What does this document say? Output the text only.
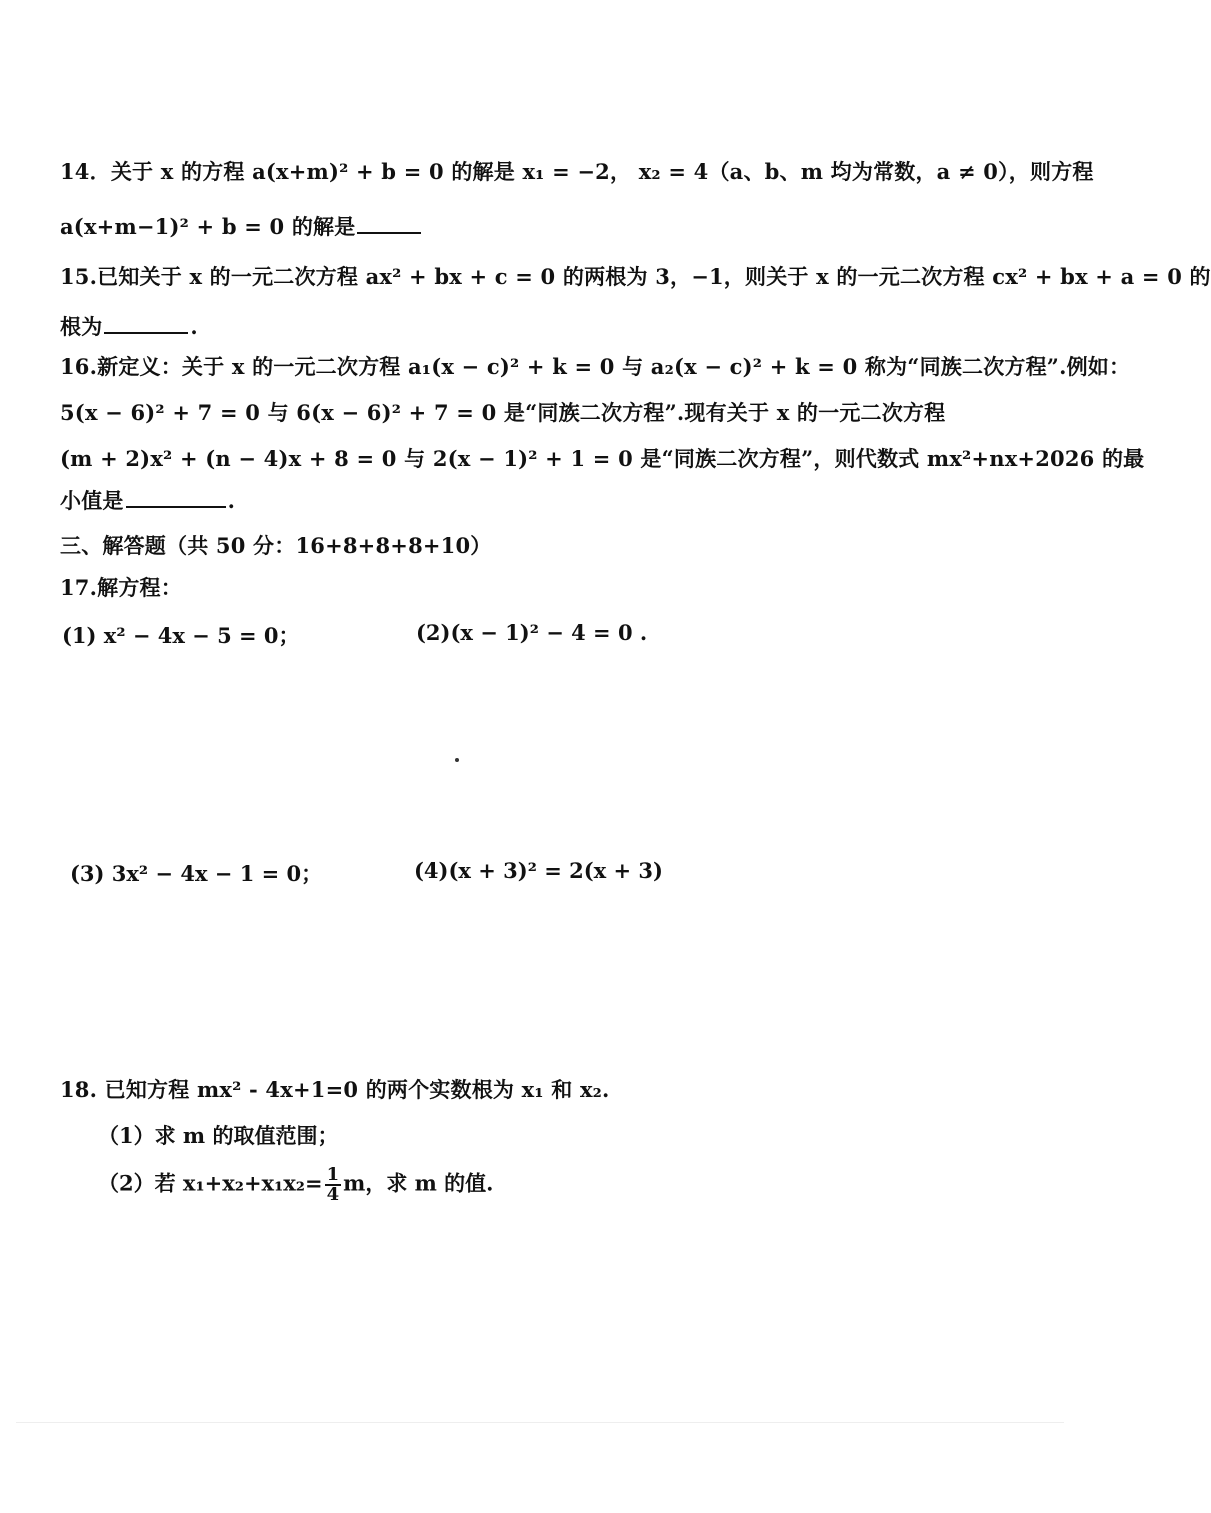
14．关于 x 的方程 a(x+m)² + b = 0 的解是 x₁ = −2， x₂ = 4（a、b、m 均为常数，a ≠ 0），则方程
a(x+m−1)² + b = 0 的解是
15.已知关于 x 的一元二次方程 ax² + bx + c = 0 的两根为 3，−1，则关于 x 的一元二次方程 cx² + bx + a = 0 的
根为	.
16.新定义：关于 x 的一元二次方程 a₁(x − c)² + k = 0 与 a₂(x − c)² + k = 0 称为“同族二次方程”.例如：
5(x − 6)² + 7 = 0 与 6(x − 6)² + 7 = 0 是“同族二次方程”.现有关于 x 的一元二次方程
(m + 2)x² + (n − 4)x + 8 = 0 与 2(x − 1)² + 1 = 0 是“同族二次方程”，则代数式 mx²+nx+2026 的最
小值是	.
三、解答题（共 50 分：16+8+8+8+10）
17.解方程：
(1) x² − 4x − 5 = 0；	(2)(x − 1)² − 4 = 0 .
(3) 3x² − 4x − 1 = 0；	(4)(x + 3)² = 2(x + 3)
18. 已知方程 mx² - 4x+1=0 的两个实数根为 x₁ 和 x₂.
（1）求 m 的取值范围；
（2）若 $x_1+x_2+x_1x_2= \frac{1}{4}$ m，求 m 的值.
